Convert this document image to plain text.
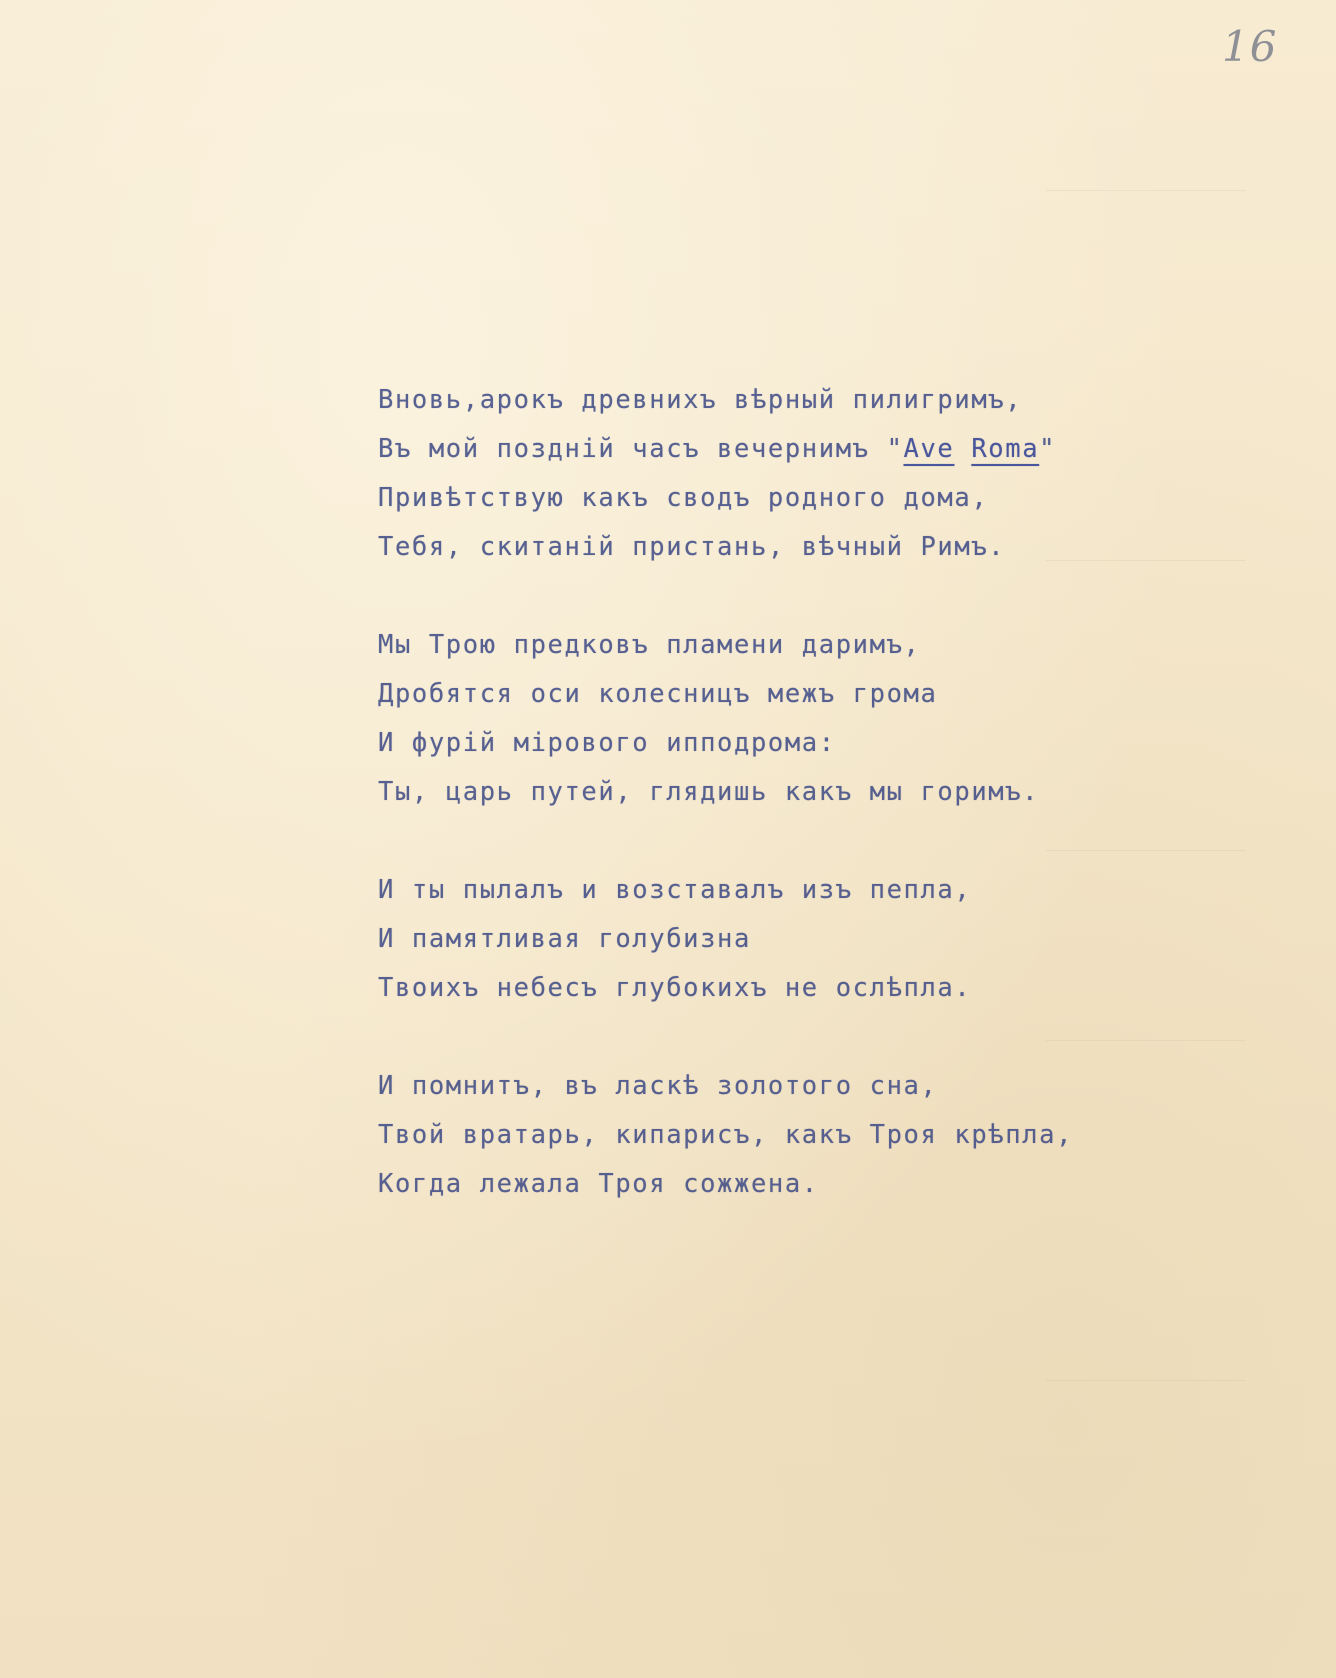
16
Вновь,арокъ древнихъ вѣрный пилигримъ,
Въ мой поздній часъ вечернимъ "Ave Roma"
Привѣтствую какъ сводъ родного дома,
Тебя, скитаній пристань, вѣчный Римъ.
Мы Трою предковъ пламени даримъ,
Дробятся оси колесницъ межъ грома
И фурій мірового ипподрома:
Ты, царь путей, глядишь какъ мы горимъ.
И ты пылалъ и возставалъ изъ пепла,
И памятливая голубизна
Твоихъ небесъ глубокихъ не ослѣпла.
И помнитъ, въ ласкѣ золотого сна,
Твой вратарь, кипарисъ, какъ Троя крѣпла,
Когда лежала Троя сожжена.
